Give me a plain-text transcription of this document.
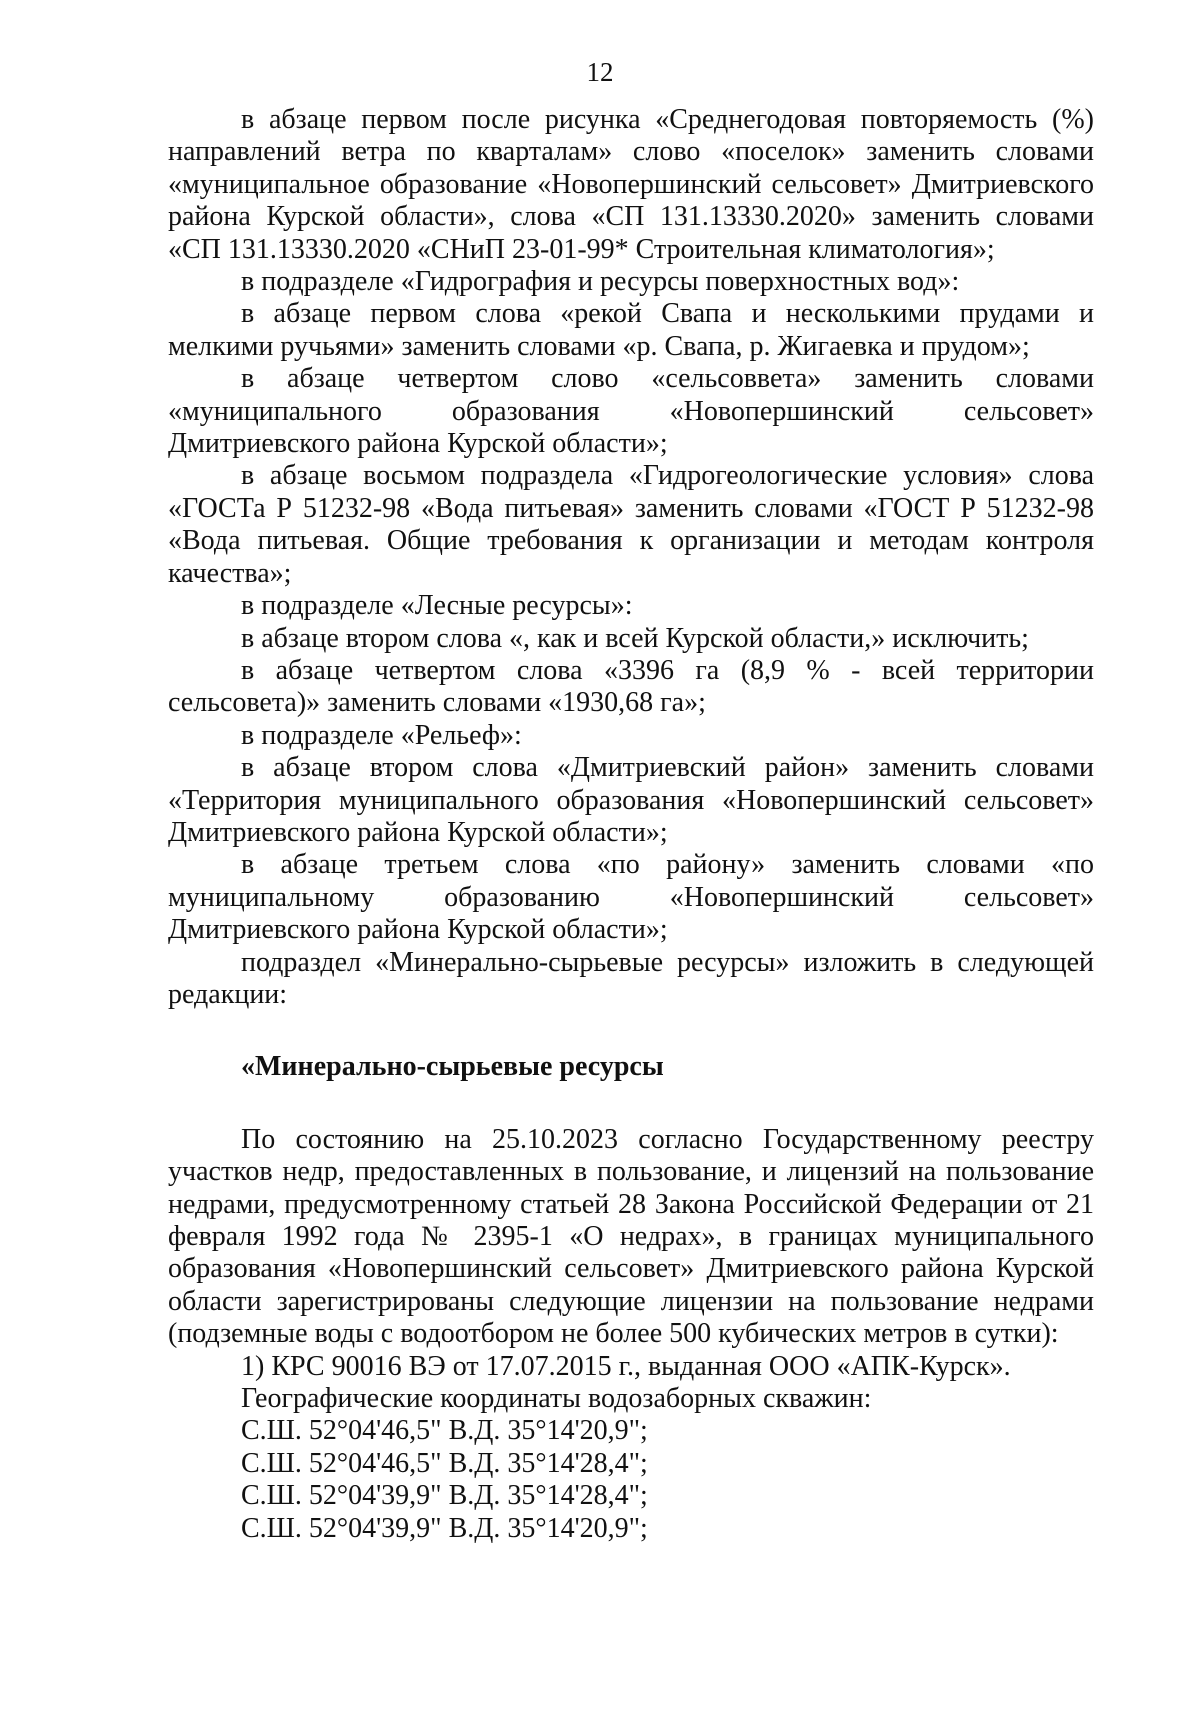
12

в абзаце первом после рисунка «Среднегодовая повторяемость (%) направлений ветра по кварталам» слово «поселок» заменить словами «муниципальное образование «Новопершинский сельсовет» Дмитриевского района Курской области», слова «СП 131.13330.2020» заменить словами «СП 131.13330.2020 «СНиП 23-01-99* Строительная климатология»;

в подразделе «Гидрография и ресурсы поверхностных вод»:

в абзаце первом слова «рекой Свапа и несколькими прудами и мелкими ручьями» заменить словами «р. Свапа, р. Жигаевка и прудом»;

в абзаце четвертом слово «сельсоввета» заменить словами «муниципального образования «Новопершинский сельсовет» Дмитриевского района Курской области»;

в абзаце восьмом подраздела «Гидрогеологические условия» слова «ГОСТа Р 51232-98 «Вода питьевая» заменить словами «ГОСТ Р 51232-98 «Вода питьевая. Общие требования к организации и методам контроля качества»;

в подразделе «Лесные ресурсы»:

в абзаце втором слова «, как и всей Курской области,» исключить;

в абзаце четвертом слова «3396 га (8,9 % - всей территории сельсовета)» заменить словами «1930,68 га»;

в подразделе «Рельеф»:

в абзаце втором слова «Дмитриевский район» заменить словами «Территория муниципального образования «Новопершинский сельсовет» Дмитриевского района Курской области»;

в абзаце третьем слова «по району» заменить словами «по муниципальному образованию «Новопершинский сельсовет» Дмитриевского района Курской области»;

подраздел «Минерально-сырьевые ресурсы» изложить в следующей редакции:

«Минерально-сырьевые ресурсы

По состоянию на 25.10.2023 согласно Государственному реестру участков недр, предоставленных в пользование, и лицензий на пользование недрами, предусмотренному статьей 28 Закона Российской Федерации от 21 февраля 1992 года № 2395-1 «О недрах», в границах муниципального образования «Новопершинский сельсовет» Дмитриевского района Курской области зарегистрированы следующие лицензии на пользование недрами (подземные воды с водоотбором не более 500 кубических метров в сутки):

1) КРС 90016 ВЭ от 17.07.2015 г., выданная ООО «АПК-Курск».

Географические координаты водозаборных скважин:

С.Ш. 52°04'46,5" В.Д. 35°14'20,9";

С.Ш. 52°04'46,5" В.Д. 35°14'28,4";

С.Ш. 52°04'39,9" В.Д. 35°14'28,4";

С.Ш. 52°04'39,9" В.Д. 35°14'20,9";
